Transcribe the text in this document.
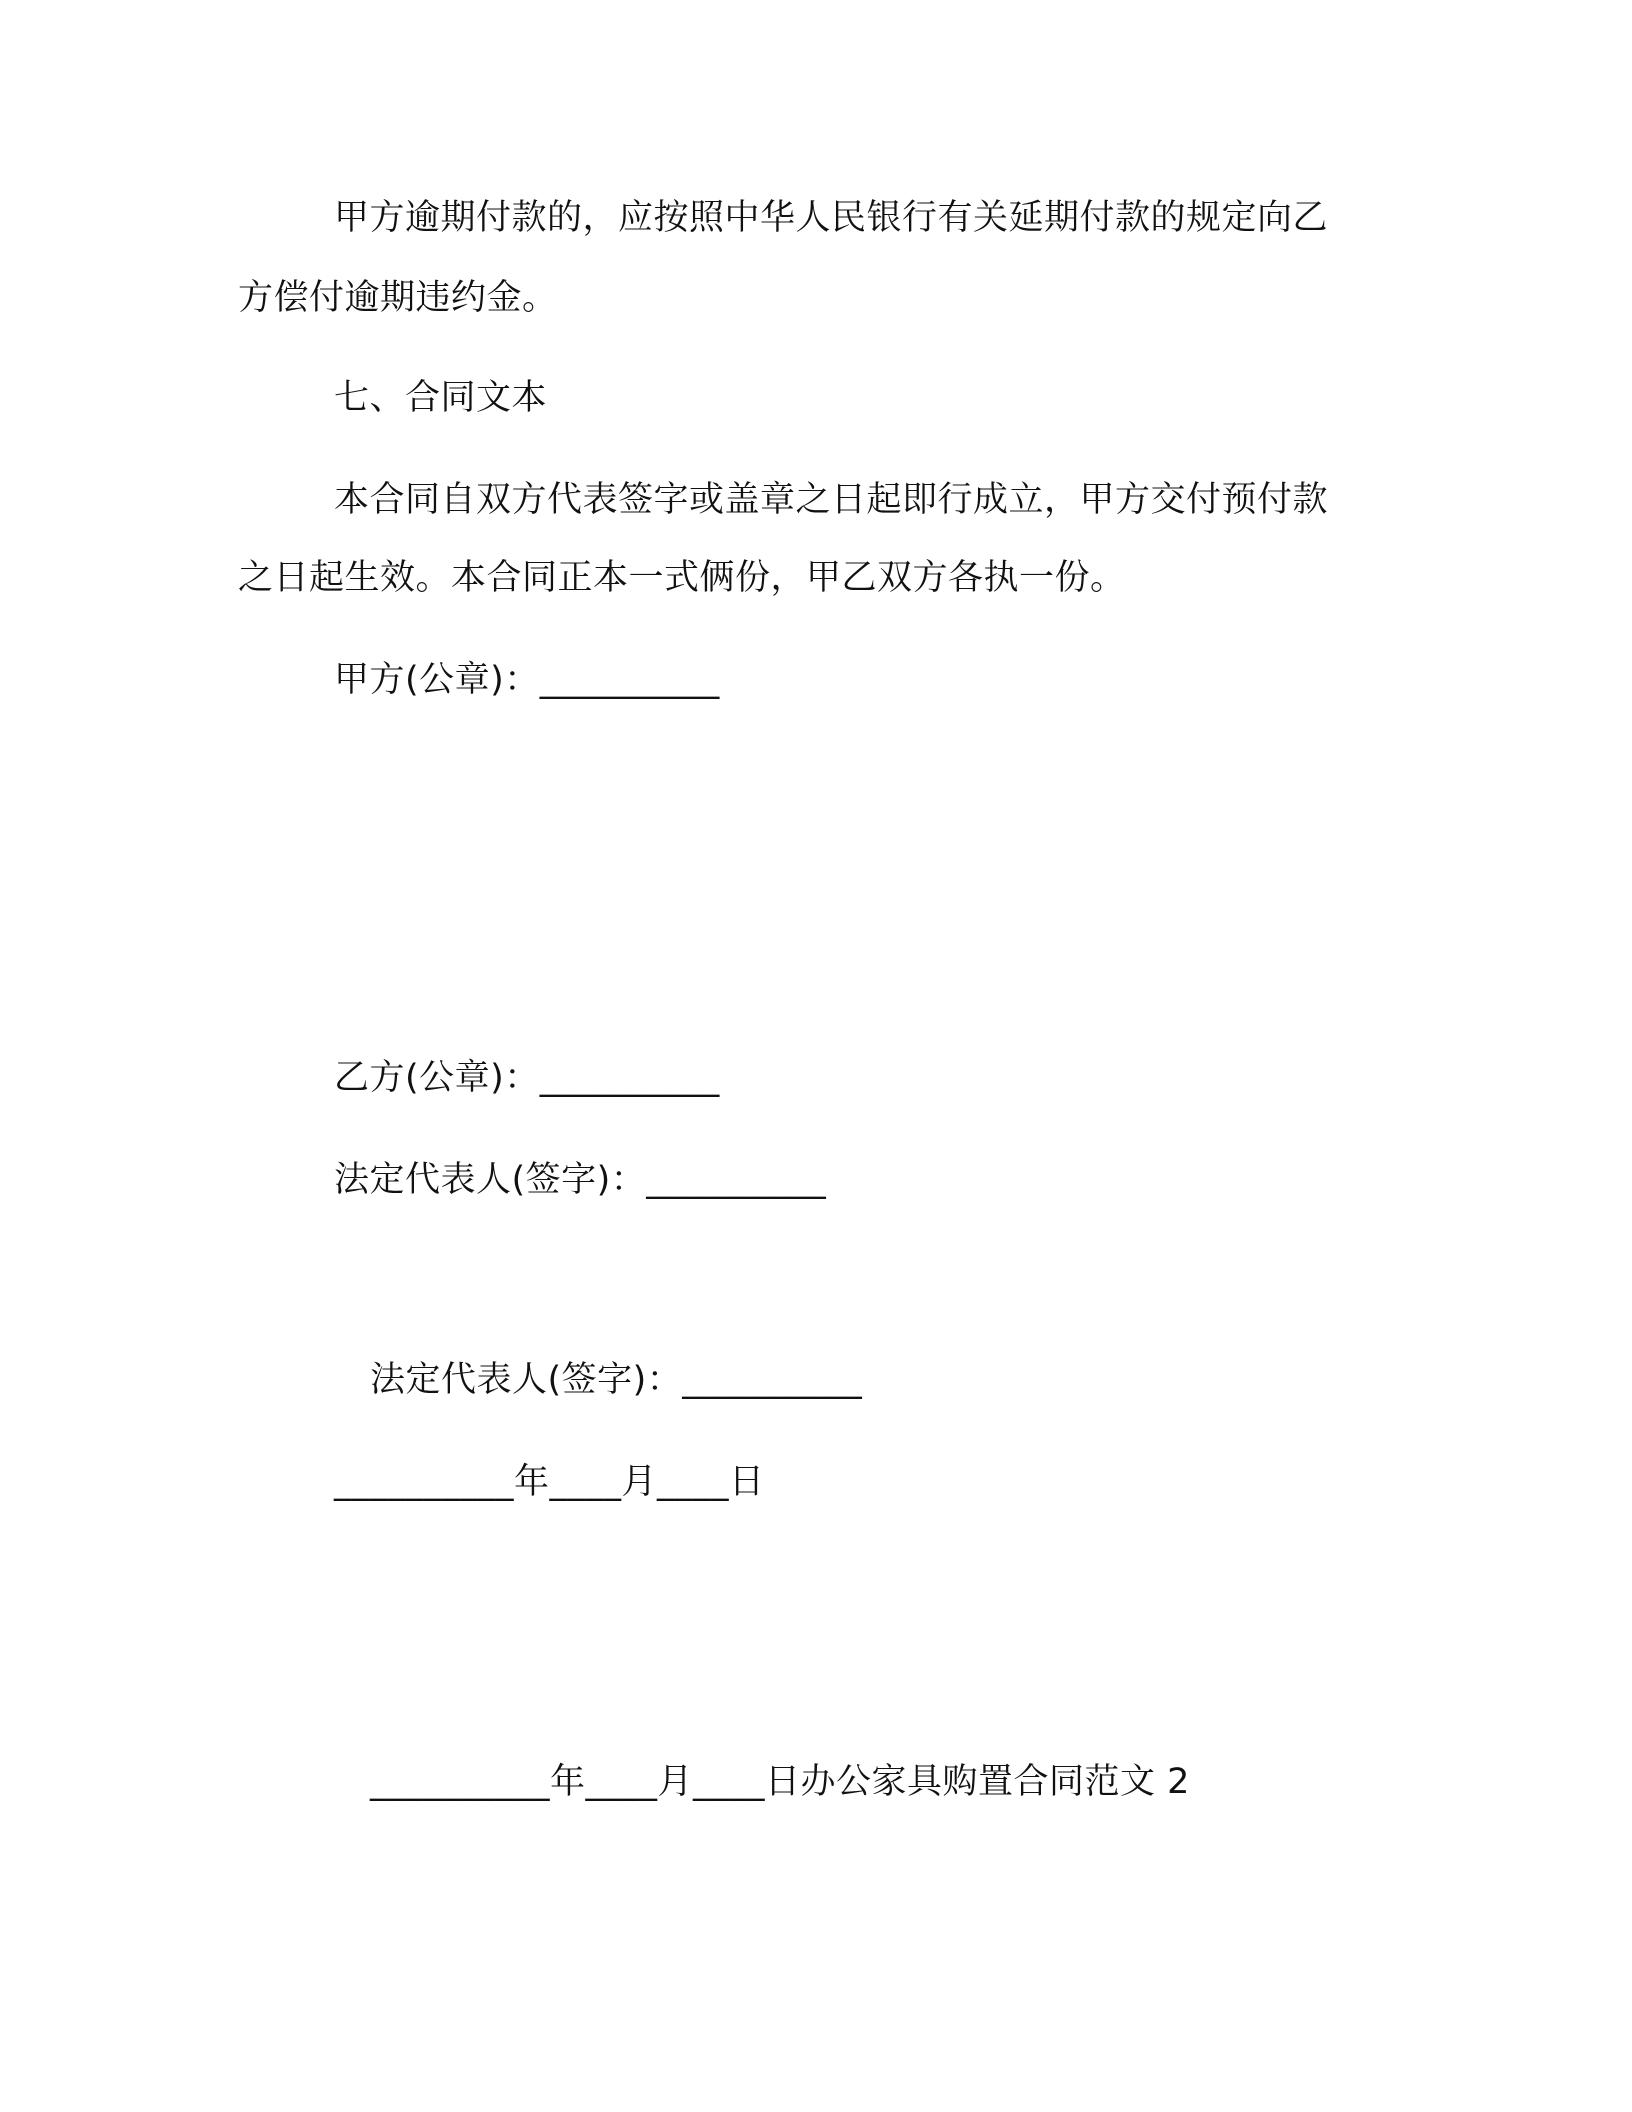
甲方逾期付款的，应按照中华人民银行有关延期付款的规定向乙
方偿付逾期违约金。
七、合同文本
本合同自双方代表签字或盖章之日起即行成立，甲方交付预付款
之日起生效。本合同正本一式俩份，甲乙双方各执一份。
甲方(公章)：__________
乙方(公章)：__________
法定代表人(签字)：__________
法定代表人(签字)：__________
__________年____月____日
__________年____月____日办公家具购置合同范文 2
